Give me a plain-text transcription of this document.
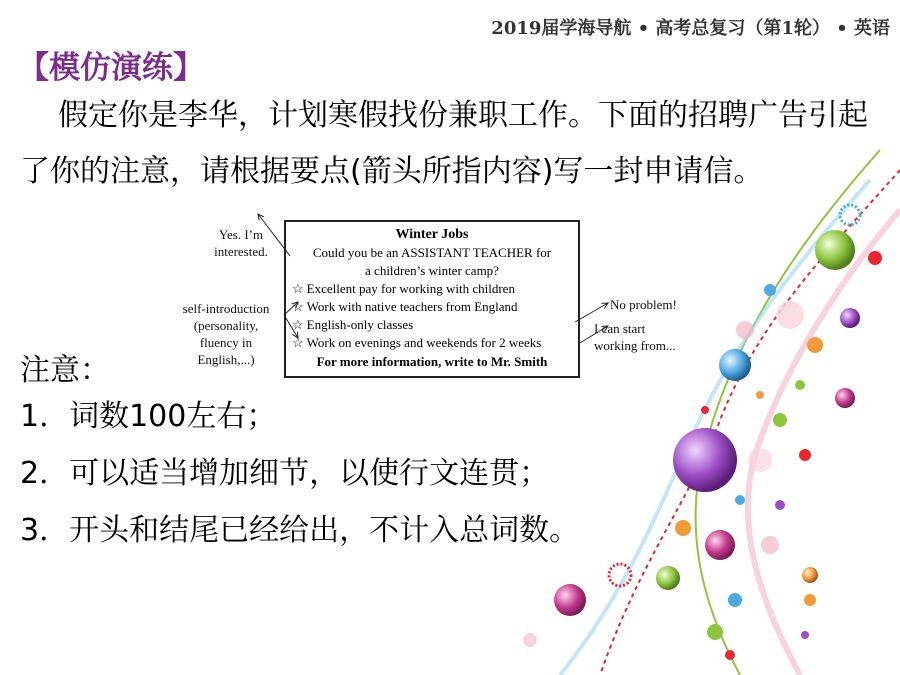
2019届学海导航 • 高考总复习（第1轮） • 英语
【模仿演练】
假定你是李华，计划寒假找份兼职工作。下面的招聘广告引起了你的注意，请根据要点(箭头所指内容)写一封申请信。
Winter Jobs
Could you be an ASSISTANT TEACHER for
a children’s winter camp?
☆ Excellent pay for working with children
☆ Work with native teachers from England
☆ English-only classes
☆ Work on evenings and weekends for 2 weeks
For more information, write to Mr. Smith
Yes. I’m
interested.
self-introduction
(personality,
fluency in
English,...)
No problem!
I can start
working from...
注意：
1．词数100左右；
2．可以适当增加细节，以使行文连贯；
3．开头和结尾已经给出，不计入总词数。
